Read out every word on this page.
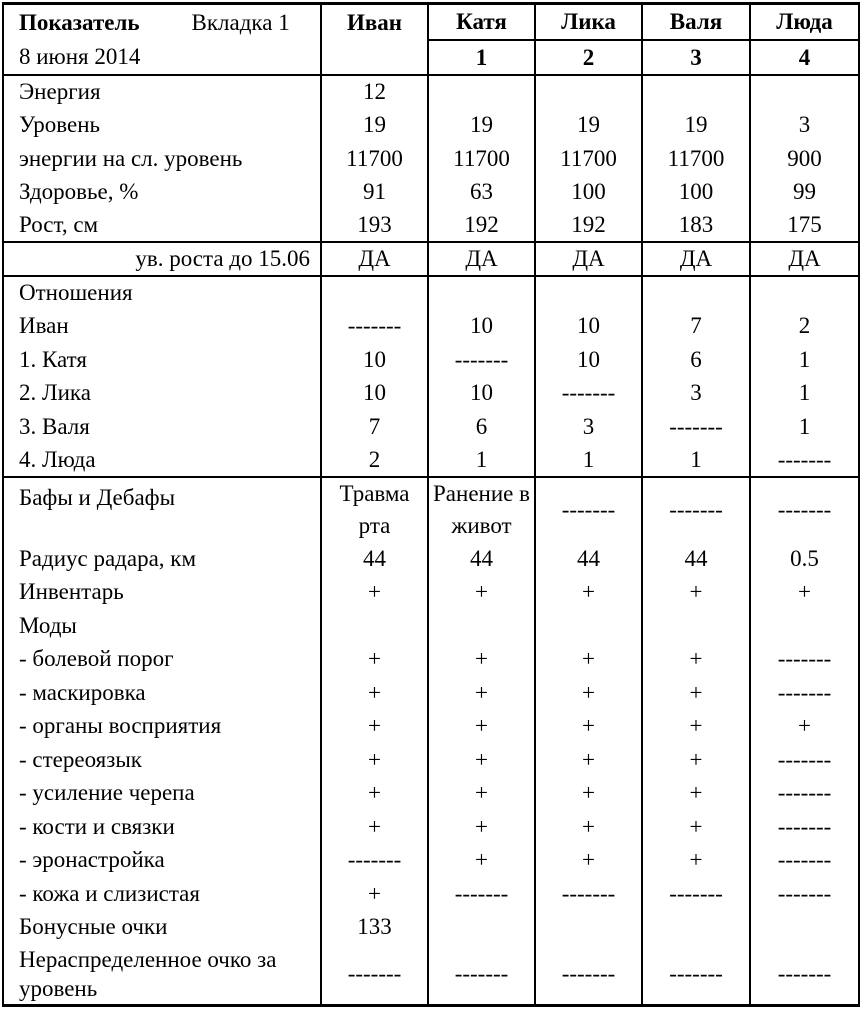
Показатель Вкладка 1	Иван	Катя	Лика	Валя	Люда
8 июня 2014		1	2	3	4
Энергия	12				
Уровень	19	19	19	19	3
энергии на сл. уровень	11700	11700	11700	11700	900
Здоровье, %	91	63	100	100	99
Рост, см	193	192	192	183	175
ув. роста до 15.06	ДА	ДА	ДА	ДА	ДА
Отношения					
Иван	-------	10	10	7	2
1. Катя	10	-------	10	6	1
2. Лика	10	10	-------	3	1
3. Валя	7	6	3	-------	1
4. Люда	2	1	1	1	-------
Бафы и Дебафы	Травма рта	Ранение в живот	-------	-------	-------
Радиус радара, км	44	44	44	44	0.5
Инвентарь	+	+	+	+	+
Моды					
- болевой порог	+	+	+	+	-------
- маскировка	+	+	+	+	-------
- органы восприятия	+	+	+	+	+
- стереоязык	+	+	+	+	-------
- усиление черепа	+	+	+	+	-------
- кости и связки	+	+	+	+	-------
- эронастройка	-------	+	+	+	-------
- кожа и слизистая	+	-------	-------	-------	-------
Бонусные очки	133				
Нераспределенное очко за уровень	-------	-------	-------	-------	-------
